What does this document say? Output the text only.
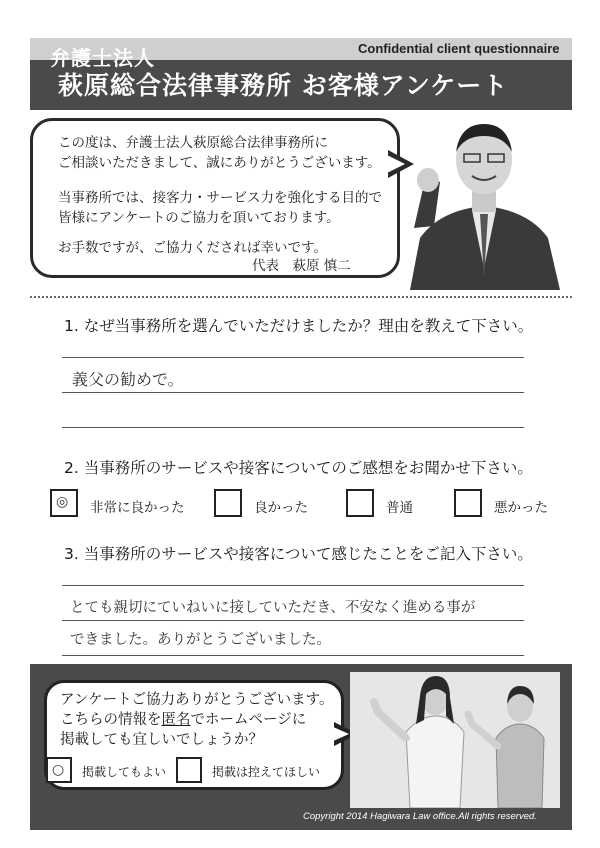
弁護士法人	Confidential client questionnaire
萩原総合法律事務所 お客様アンケート
この度は、弁護士法人萩原総合法律事務所に
ご相談いただきまして、誠にありがとうございます。
当事務所では、接客力・サービス力を強化する目的で
皆様にアンケートのご協力を頂いております。
お手数ですが、ご協力くだされば幸いです。
代表　萩原 慎二
1. なぜ当事務所を選んでいただけましたか？理由を教えて下さい。
義父の勧めで。
2. 当事務所のサービスや接客についてのご感想をお聞かせ下さい。
◎ 非常に良かった	良かった	普通	悪かった
3. 当事務所のサービスや接客について感じたことをご記入下さい。
とても親切にていねいに接していただき、不安なく進める事が
できました。ありがとうございました。
アンケートご協力ありがとうございます。
こちらの情報を匿名でホームページに
掲載しても宜しいでしょうか？
○ 掲載してもよい	掲載は控えてほしい
Copyright 2014 Hagiwara Law office.All rights reserved.
